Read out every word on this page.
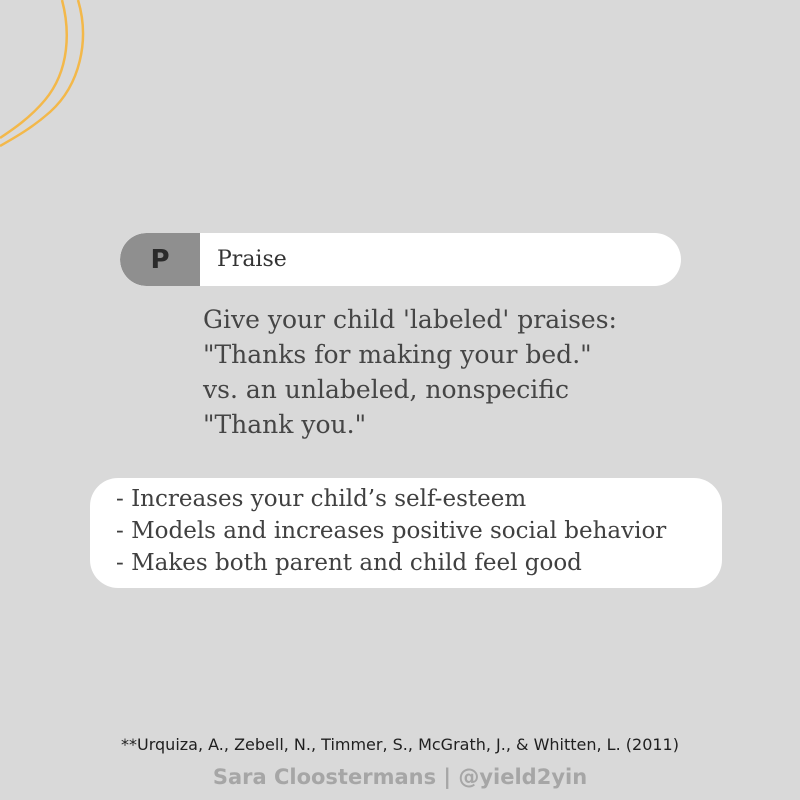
P	Praise
Give your child 'labeled' praises:
"Thanks for making your bed."
vs. an unlabeled, nonspecific
"Thank you."
- Increases your child’s self-esteem
- Models and increases positive social behavior
- Makes both parent and child feel good
**Urquiza, A., Zebell, N., Timmer, S., McGrath, J., & Whitten, L. (2011)
Sara Cloostermans | @yield2yin
